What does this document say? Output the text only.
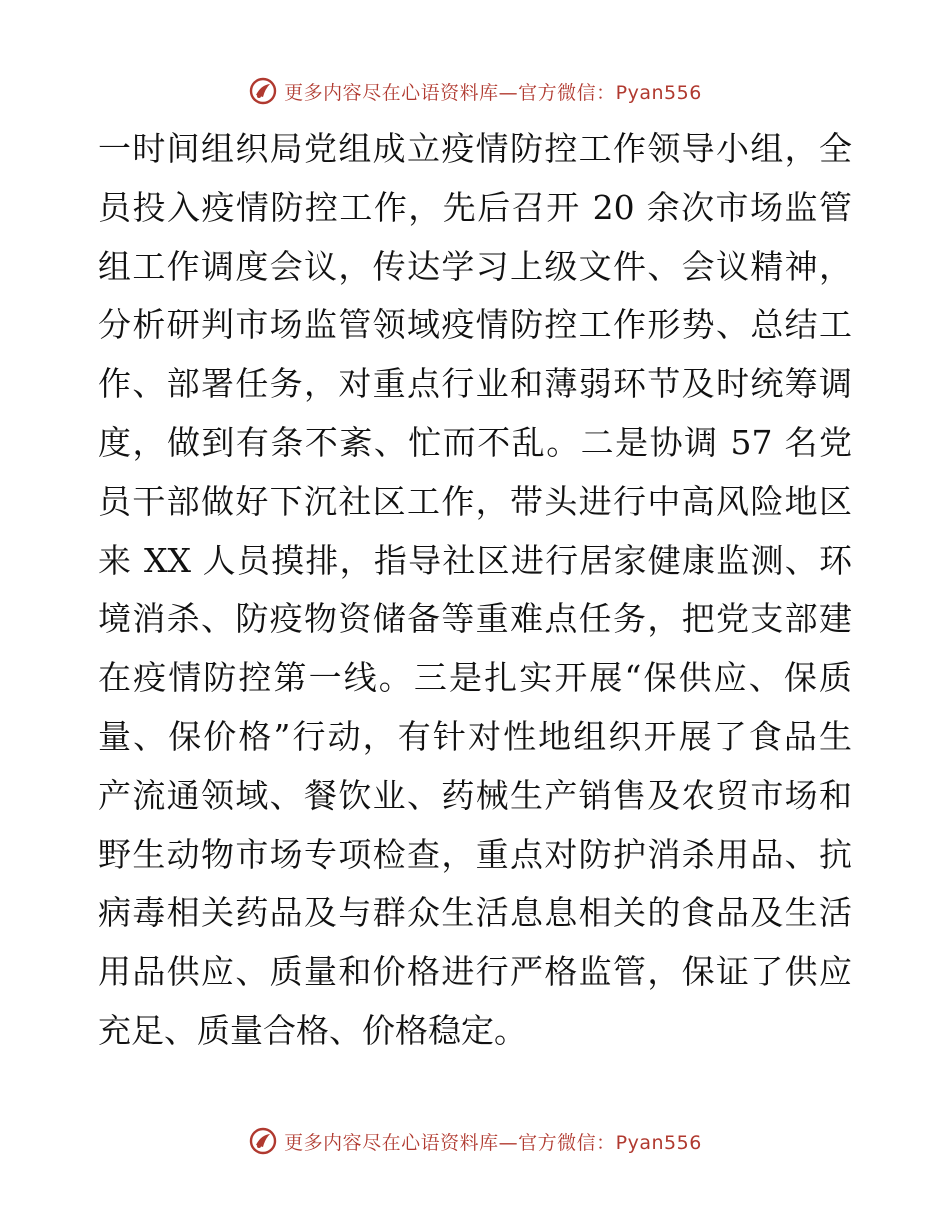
更多内容尽在心语资料库—官方微信：Pyan556
一时间组织局党组成立疫情防控工作领导小组，全
员投入疫情防控工作，先后召开 20 余次市场监管
组工作调度会议，传达学习上级文件、会议精神，
分析研判市场监管领域疫情防控工作形势、总结工
作、部署任务，对重点行业和薄弱环节及时统筹调
度，做到有条不紊、忙而不乱。二是协调 57 名党
员干部做好下沉社区工作，带头进行中高风险地区
来 XX 人员摸排，指导社区进行居家健康监测、环
境消杀、防疫物资储备等重难点任务，把党支部建
在疫情防控第一线。三是扎实开展“保供应、保质
量、保价格”行动，有针对性地组织开展了食品生
产流通领域、餐饮业、药械生产销售及农贸市场和
野生动物市场专项检查，重点对防护消杀用品、抗
病毒相关药品及与群众生活息息相关的食品及生活
用品供应、质量和价格进行严格监管，保证了供应
充足、质量合格、价格稳定。
更多内容尽在心语资料库—官方微信：Pyan556
